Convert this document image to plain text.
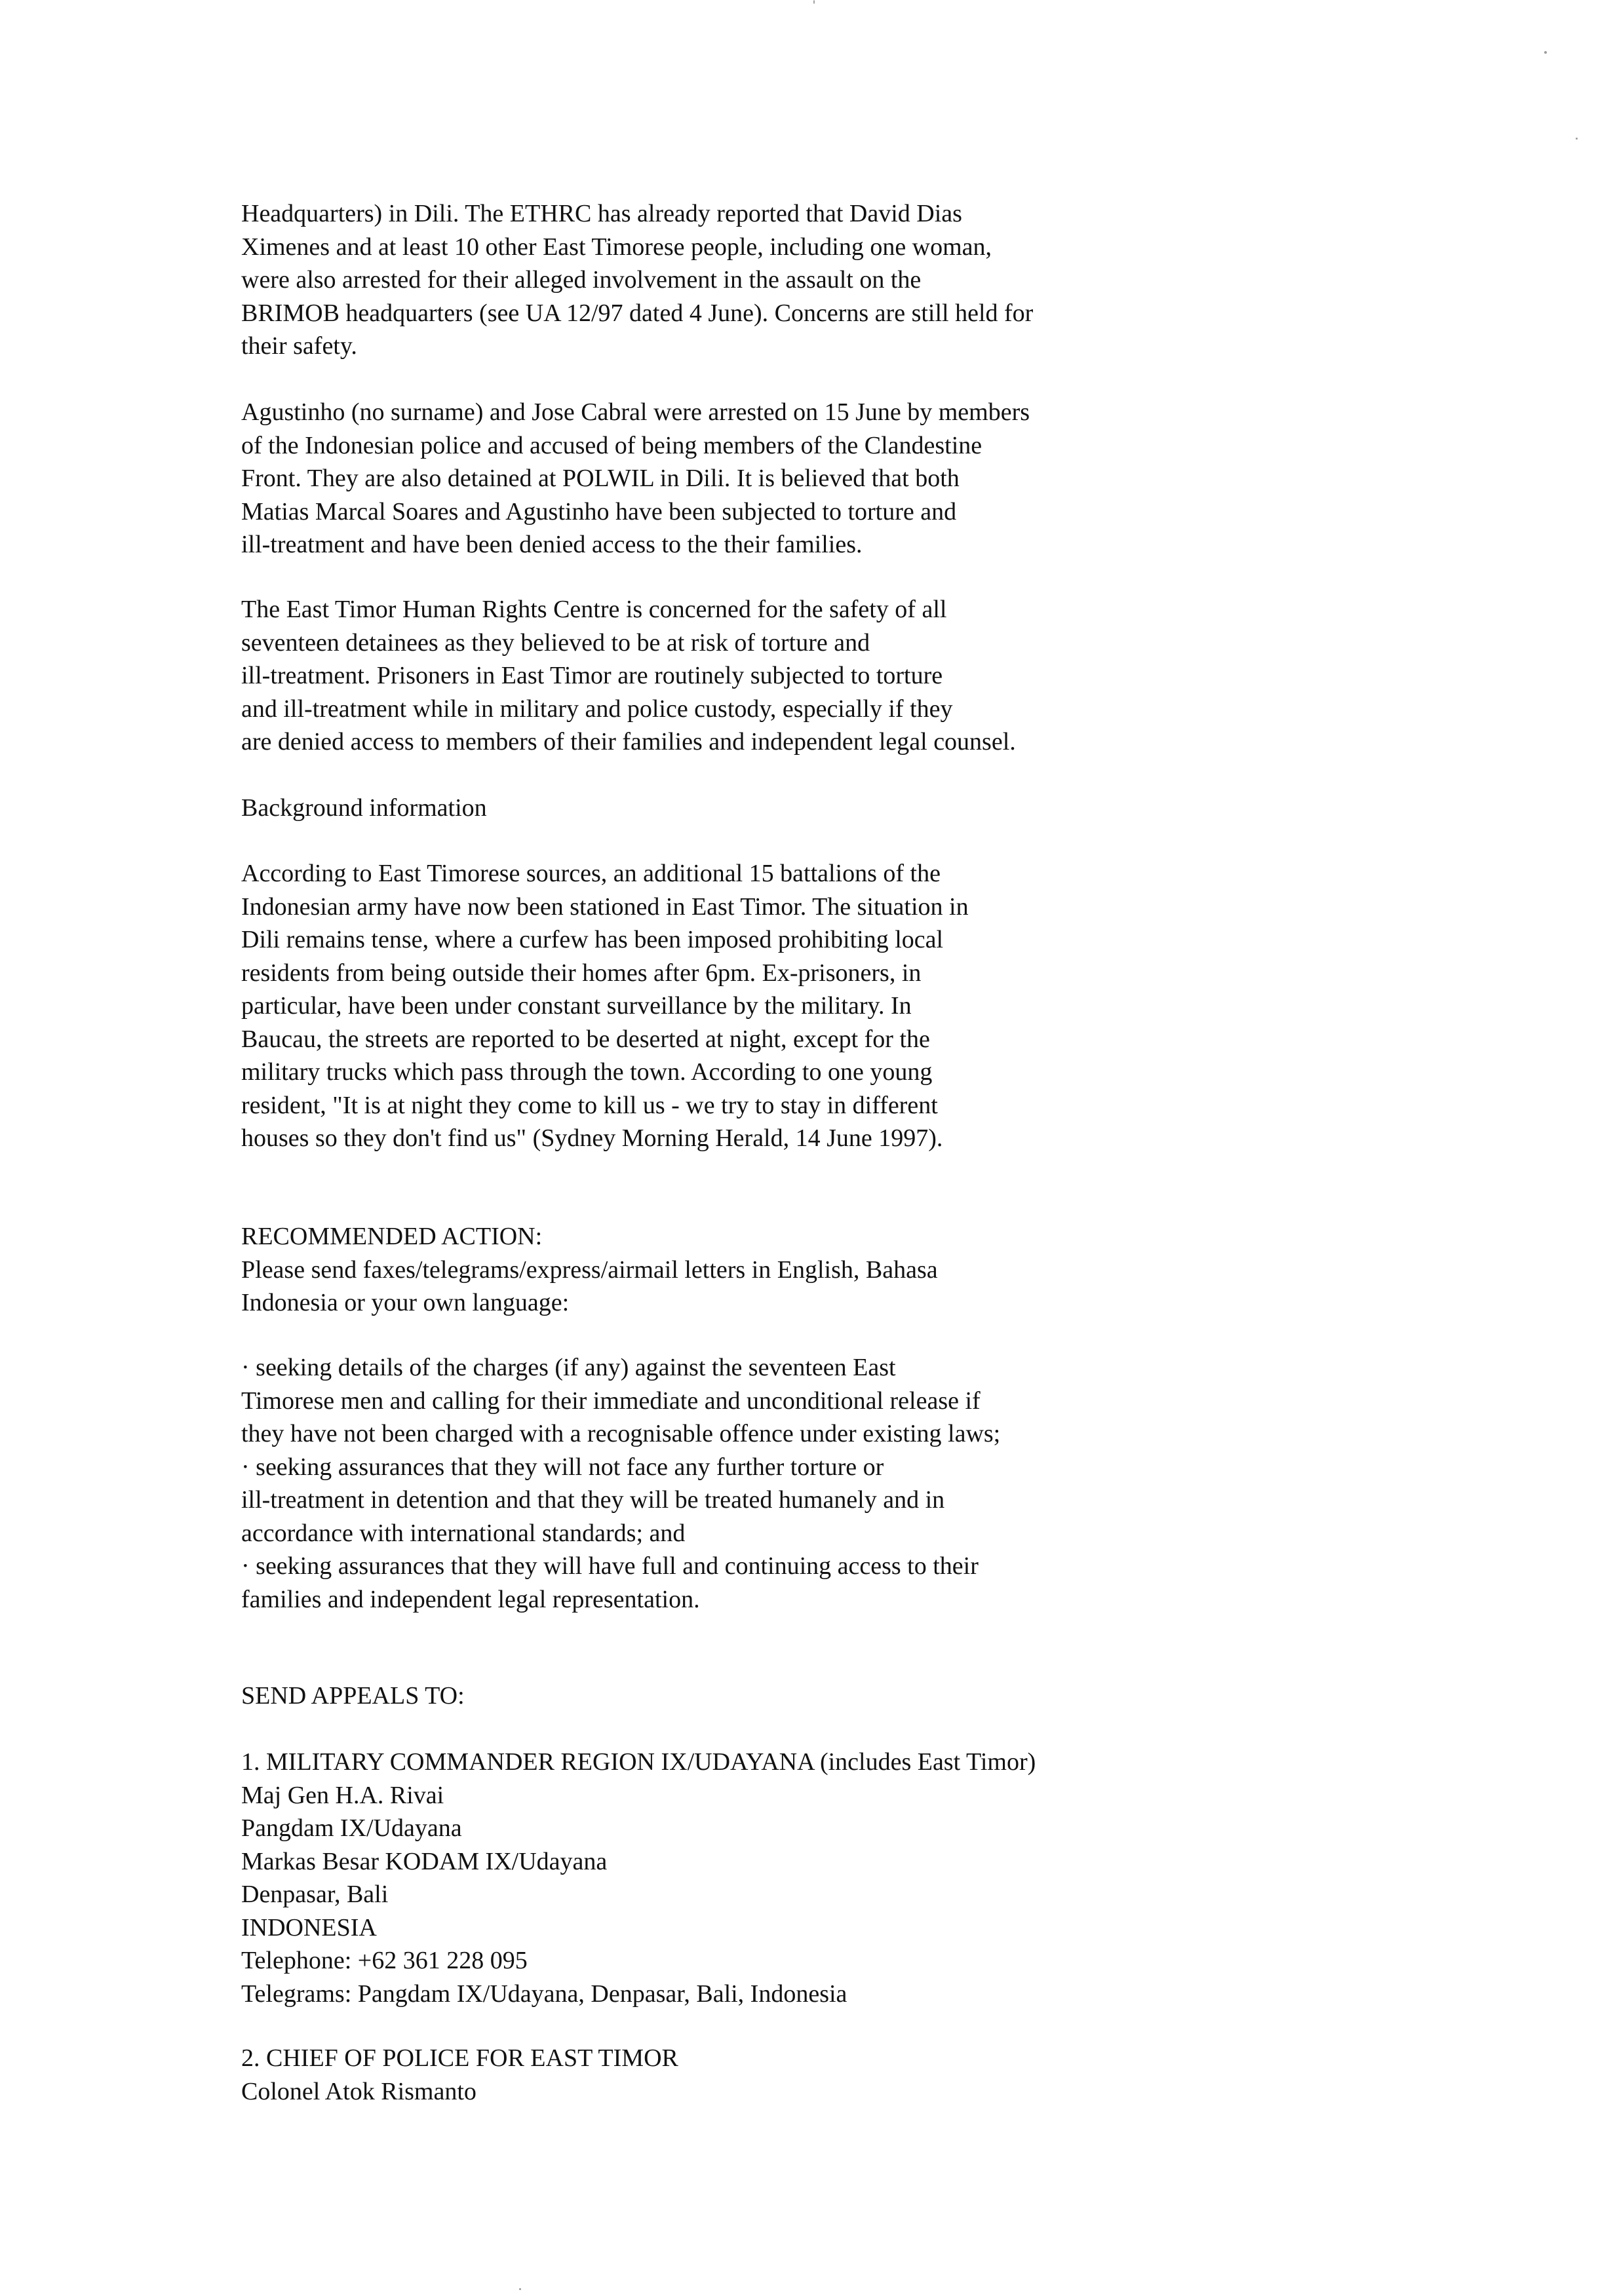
Headquarters) in Dili. The ETHRC has already reported that David Dias
Ximenes and at least 10 other East Timorese people, including one woman,
were also arrested for their alleged involvement in the assault on the
BRIMOB headquarters (see UA 12/97 dated 4 June). Concerns are still held for
their safety.
Agustinho (no surname) and Jose Cabral were arrested on 15 June by members
of the Indonesian police and accused of being members of the Clandestine
Front. They are also detained at POLWIL in Dili. It is believed that both
Matias Marcal Soares and Agustinho have been subjected to torture and
ill-treatment and have been denied access to the their families.
The East Timor Human Rights Centre is concerned for the safety of all
seventeen detainees as they believed to be at risk of torture and
ill-treatment. Prisoners in East Timor are routinely subjected to torture
and ill-treatment while in military and police custody, especially if they
are denied access to members of their families and independent legal counsel.
Background information
According to East Timorese sources, an additional 15 battalions of the
Indonesian army have now been stationed in East Timor. The situation in
Dili remains tense, where a curfew has been imposed prohibiting local
residents from being outside their homes after 6pm. Ex-prisoners, in
particular, have been under constant surveillance by the military. In
Baucau, the streets are reported to be deserted at night, except for the
military trucks which pass through the town. According to one young
resident, "It is at night they come to kill us - we try to stay in different
houses so they don't find us" (Sydney Morning Herald, 14 June 1997).
RECOMMENDED ACTION:
Please send faxes/telegrams/express/airmail letters in English, Bahasa
Indonesia or your own language:
· seeking details of the charges (if any) against the seventeen East
Timorese men and calling for their immediate and unconditional release if
they have not been charged with a recognisable offence under existing laws;
· seeking assurances that they will not face any further torture or
ill-treatment in detention and that they will be treated humanely and in
accordance with international standards; and
· seeking assurances that they will have full and continuing access to their
families and independent legal representation.
SEND APPEALS TO:
1. MILITARY COMMANDER REGION IX/UDAYANA (includes East Timor)
Maj Gen H.A. Rivai
Pangdam IX/Udayana
Markas Besar KODAM IX/Udayana
Denpasar, Bali
INDONESIA
Telephone: +62 361 228 095
Telegrams: Pangdam IX/Udayana, Denpasar, Bali, Indonesia
2. CHIEF OF POLICE FOR EAST TIMOR
Colonel Atok Rismanto
